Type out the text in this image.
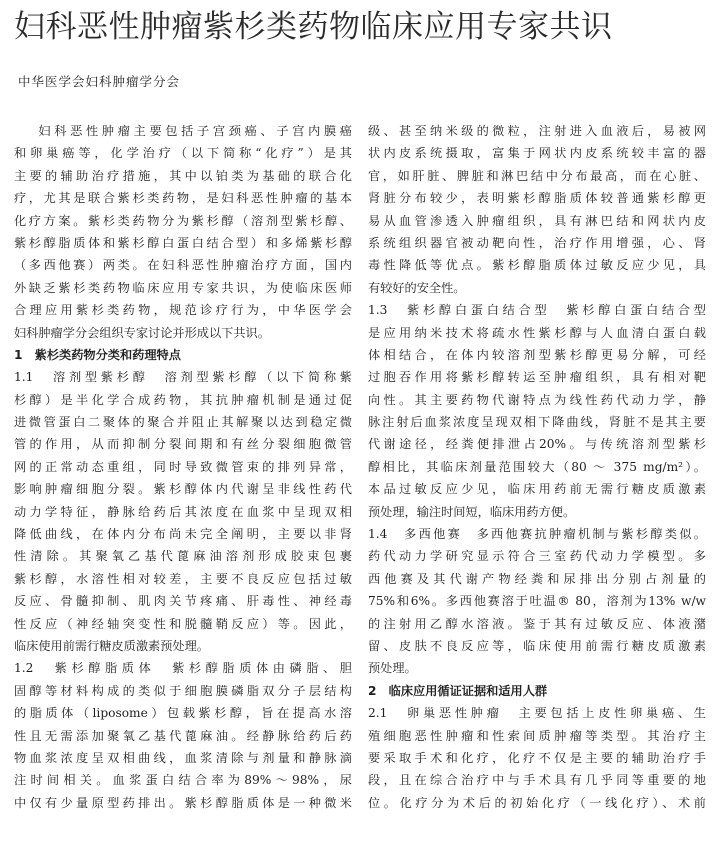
妇科恶性肿瘤紫杉类药物临床应用专家共识
中华医学会妇科肿瘤学分会
妇科恶性肿瘤主要包括子宫颈癌、子宫内膜癌
和卵巢癌等，化学治疗（以下简称“化疗”）是其
主要的辅助治疗措施，其中以铂类为基础的联合化
疗，尤其是联合紫杉类药物，是妇科恶性肿瘤的基本
化疗方案。紫杉类药物分为紫杉醇（溶剂型紫杉醇、
紫杉醇脂质体和紫杉醇白蛋白结合型）和多烯紫杉醇
（多西他赛）两类。在妇科恶性肿瘤治疗方面，国内
外缺乏紫杉类药物临床应用专家共识，为使临床医师
合理应用紫杉类药物，规范诊疗行为，中华医学会
妇科肿瘤学分会组织专家讨论并形成以下共识。
1　紫杉类药物分类和药理特点
1.1　溶剂型紫杉醇　溶剂型紫杉醇（以下简称紫
杉醇）是半化学合成药物，其抗肿瘤机制是通过促
进微管蛋白二聚体的聚合并阻止其解聚以达到稳定微
管的作用，从而抑制分裂间期和有丝分裂细胞微管
网的正常动态重组，同时导致微管束的排列异常，
影响肿瘤细胞分裂。紫杉醇体内代谢呈非线性药代
动力学特征，静脉给药后其浓度在血浆中呈现双相
降低曲线，在体内分布尚未完全阐明，主要以非肾
性清除。其聚氧乙基代蓖麻油溶剂形成胶束包裹
紫杉醇，水溶性相对较差，主要不良反应包括过敏
反应、骨髓抑制、肌肉关节疼痛、肝毒性、神经毒
性反应（神经轴突变性和脱髓鞘反应）等。因此，
临床使用前需行糖皮质激素预处理。
1.2　紫杉醇脂质体　紫杉醇脂质体由磷脂、胆
固醇等材料构成的类似于细胞膜磷脂双分子层结构
的脂质体（liposome）包载紫杉醇，旨在提高水溶
性且无需添加聚氧乙基代蓖麻油。经静脉给药后药
物血浆浓度呈双相曲线，血浆清除与剂量和静脉滴
注时间相关。血浆蛋白结合率为89%～98%，尿
中仅有少量原型药排出。紫杉醇脂质体是一种微米
级、甚至纳米级的微粒，注射进入血液后，易被网
状内皮系统摄取，富集于网状内皮系统较丰富的器
官，如肝脏、脾脏和淋巴结中分布最高，而在心脏、
肾脏分布较少，表明紫杉醇脂质体较普通紫杉醇更
易从血管渗透入肿瘤组织，具有淋巴结和网状内皮
系统组织器官被动靶向性，治疗作用增强，心、肾
毒性降低等优点。紫杉醇脂质体过敏反应少见，具
有较好的安全性。
1.3　紫杉醇白蛋白结合型　紫杉醇白蛋白结合型
是应用纳米技术将疏水性紫杉醇与人血清白蛋白载
体相结合，在体内较溶剂型紫杉醇更易分解，可经
过胞吞作用将紫杉醇转运至肿瘤组织，具有相对靶
向性。其主要药物代谢特点为线性药代动力学，静
脉注射后血浆浓度呈现双相下降曲线，肾脏不是其主要
代谢途径，经粪便排泄占20%。与传统溶剂型紫杉
醇相比，其临床剂量范围较大（80 ～ 375 mg/m²）。
本品过敏反应少见，临床用药前无需行糖皮质激素
预处理，输注时间短，临床用药方便。
1.4　多西他赛　多西他赛抗肿瘤机制与紫杉醇类似。
药代动力学研究显示符合三室药代动力学模型。多
西他赛及其代谢产物经粪和尿排出分别占剂量的
75%和6%。多西他赛溶于吐温® 80，溶剂为13% w/w
的注射用乙醇水溶液。鉴于其有过敏反应、体液潴
留、皮肤不良反应等，临床使用前需行糖皮质激素
预处理。
2　临床应用循证证据和适用人群
2.1　卵巢恶性肿瘤　主要包括上皮性卵巢癌、生
殖细胞恶性肿瘤和性索间质肿瘤等类型。其治疗主
要采取手术和化疗，化疗不仅是主要的辅助治疗手
段，且在综合治疗中与手术具有几乎同等重要的地
位。化疗分为术后的初始化疗（一线化疗）、术前
